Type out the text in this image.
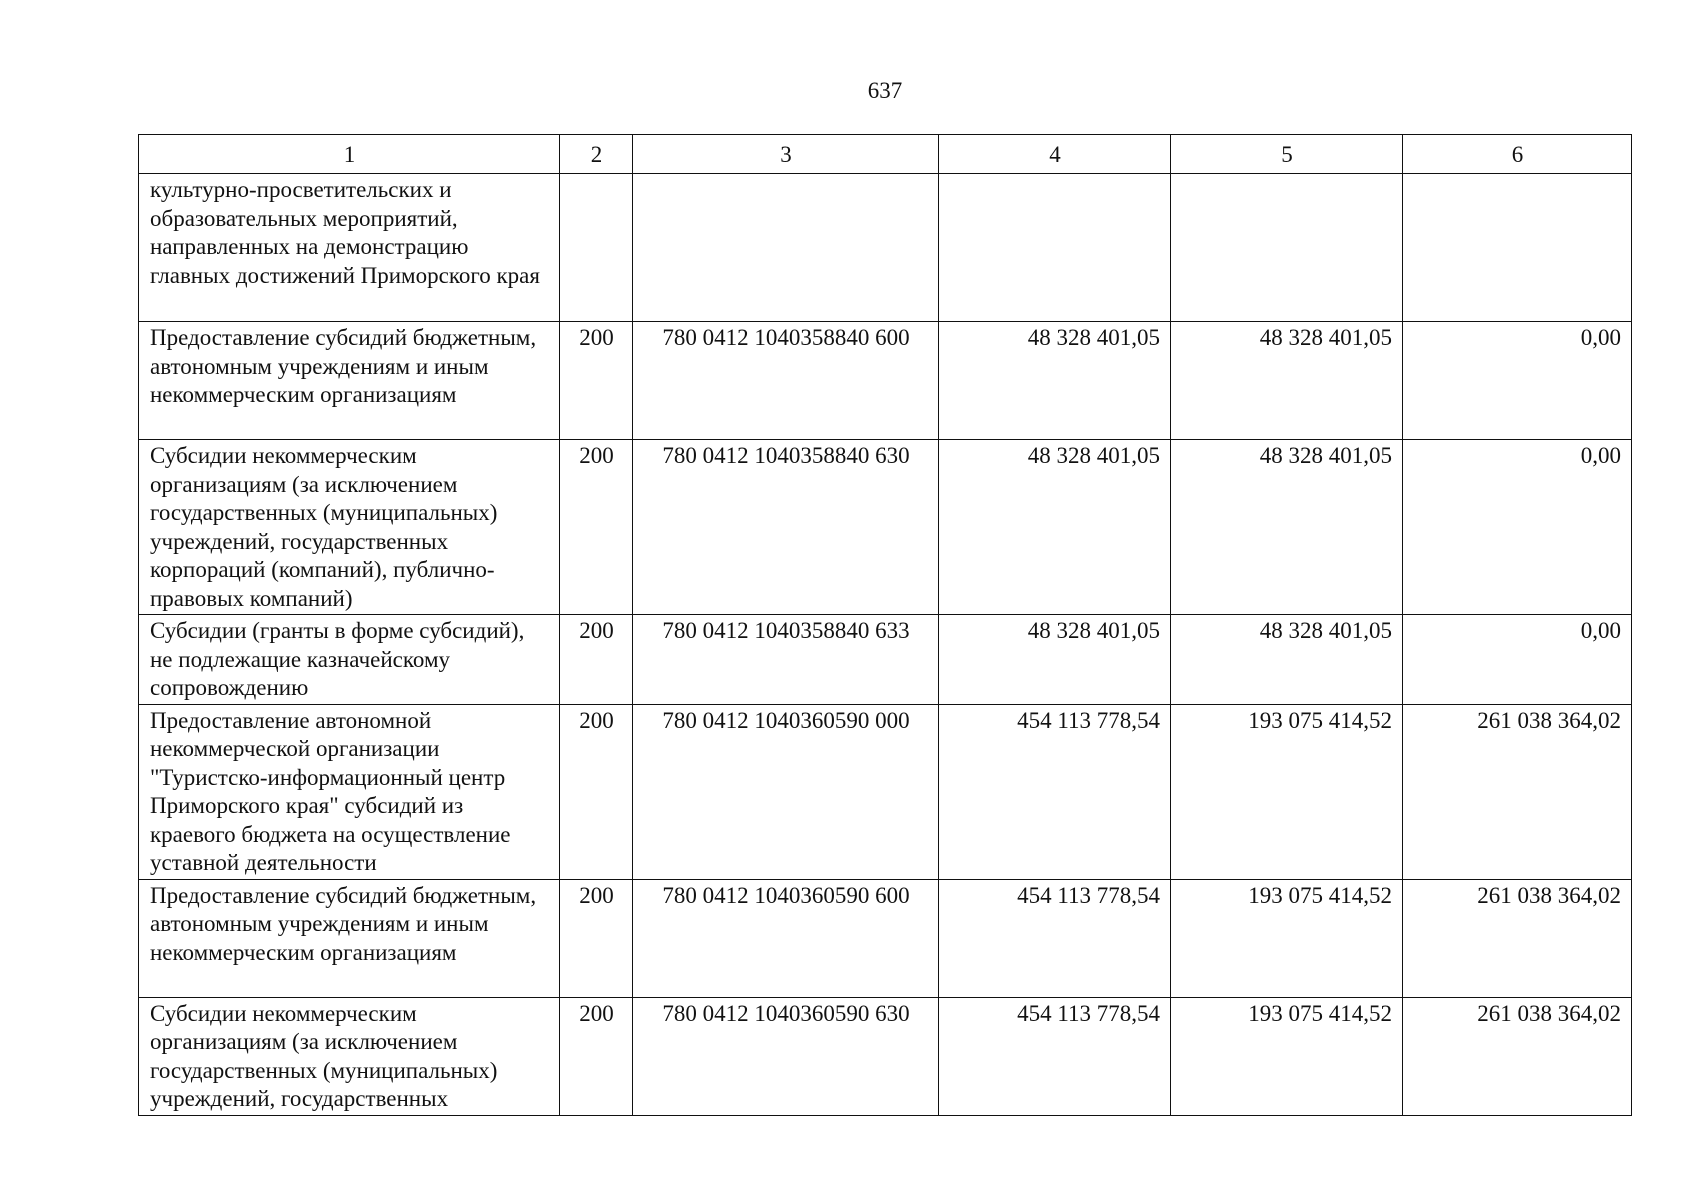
637
1	2	3	4	5	6
культурно-просветительских и образовательных мероприятий, направленных на демонстрацию главных достижений Приморского края					
Предоставление субсидий бюджетным, автономным учреждениям и иным некоммерческим организациям	200	780 0412 1040358840 600	48 328 401,05	48 328 401,05	0,00
Субсидии некоммерческим организациям (за исключением государственных (муниципальных) учреждений, государственных корпораций (компаний), публично-правовых компаний)	200	780 0412 1040358840 630	48 328 401,05	48 328 401,05	0,00
Субсидии (гранты в форме субсидий), не подлежащие казначейскому сопровождению	200	780 0412 1040358840 633	48 328 401,05	48 328 401,05	0,00
Предоставление автономной некоммерческой организации "Туристско-информационный центр Приморского края" субсидий из краевого бюджета на осуществление уставной деятельности	200	780 0412 1040360590 000	454 113 778,54	193 075 414,52	261 038 364,02
Предоставление субсидий бюджетным, автономным учреждениям и иным некоммерческим организациям	200	780 0412 1040360590 600	454 113 778,54	193 075 414,52	261 038 364,02
Субсидии некоммерческим организациям (за исключением государственных (муниципальных) учреждений, государственных	200	780 0412 1040360590 630	454 113 778,54	193 075 414,52	261 038 364,02
